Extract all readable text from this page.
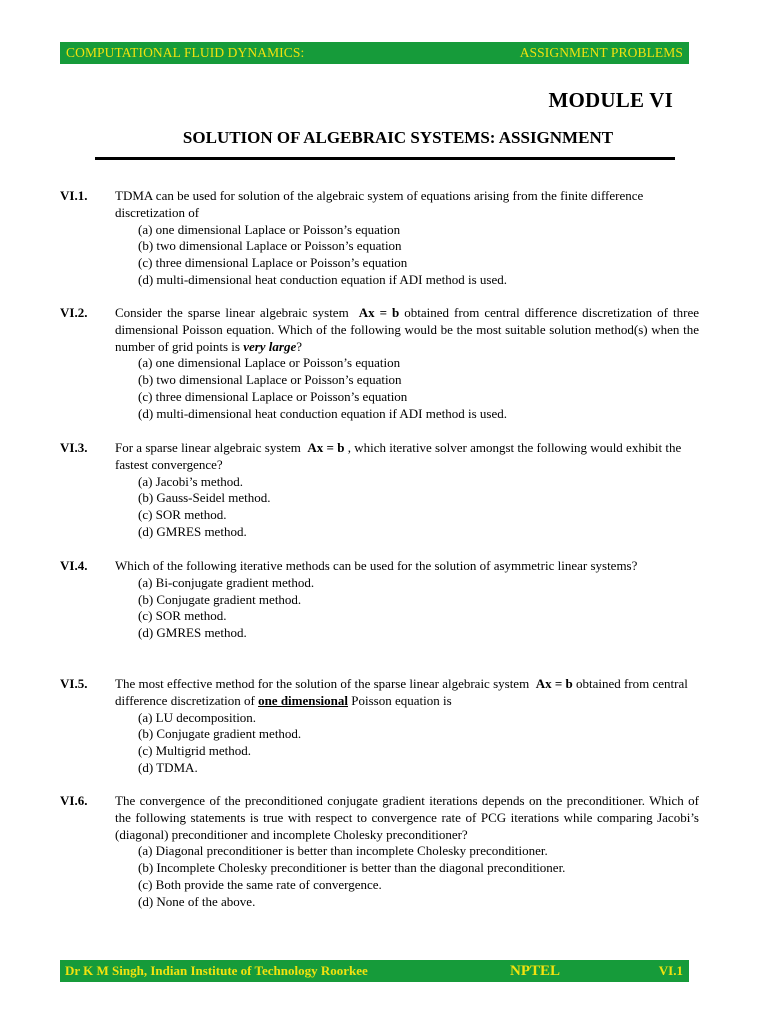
COMPUTATIONAL FLUID DYNAMICS:	ASSIGNMENT PROBLEMS
MODULE VI
SOLUTION OF ALGEBRAIC SYSTEMS: ASSIGNMENT
VI.1. TDMA can be used for solution of the algebraic system of equations arising from the finite difference discretization of
(a) one dimensional Laplace or Poisson’s equation
(b) two dimensional Laplace or Poisson’s equation
(c) three dimensional Laplace or Poisson’s equation
(d) multi-dimensional heat conduction equation if ADI method is used.
VI.2. Consider the sparse linear algebraic system Ax = b obtained from central difference discretization of three dimensional Poisson equation. Which of the following would be the most suitable solution method(s) when the number of grid points is very large?
(a) one dimensional Laplace or Poisson’s equation
(b) two dimensional Laplace or Poisson’s equation
(c) three dimensional Laplace or Poisson’s equation
(d) multi-dimensional heat conduction equation if ADI method is used.
VI.3. For a sparse linear algebraic system Ax = b , which iterative solver amongst the following would exhibit the fastest convergence?
(a) Jacobi’s method.
(b) Gauss-Seidel method.
(c) SOR method.
(d) GMRES method.
VI.4. Which of the following iterative methods can be used for the solution of asymmetric linear systems?
(a) Bi-conjugate gradient method.
(b) Conjugate gradient method.
(c) SOR method.
(d) GMRES method.
VI.5. The most effective method for the solution of the sparse linear algebraic system Ax = b obtained from central difference discretization of one dimensional Poisson equation is
(a) LU decomposition.
(b) Conjugate gradient method.
(c) Multigrid method.
(d) TDMA.
VI.6. The convergence of the preconditioned conjugate gradient iterations depends on the preconditioner. Which of the following statements is true with respect to convergence rate of PCG iterations while comparing Jacobi’s (diagonal) preconditioner and incomplete Cholesky preconditioner?
(a) Diagonal preconditioner is better than incomplete Cholesky preconditioner.
(b) Incomplete Cholesky preconditioner is better than the diagonal preconditioner.
(c) Both provide the same rate of convergence.
(d) None of the above.
Dr K M Singh, Indian Institute of Technology Roorkee	NPTEL	VI.1
